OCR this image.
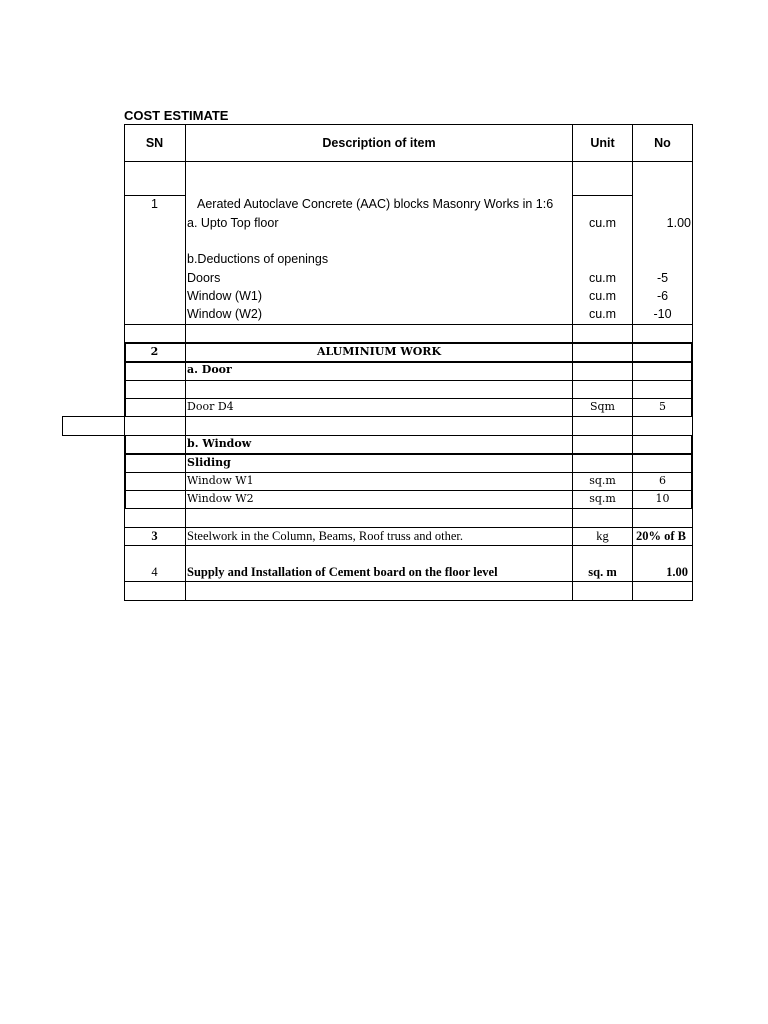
COST ESTIMATE
SN	Description of item	Unit	No
1	Aerated Autoclave Concrete (AAC) blocks Masonry Works in 1:6
a. Upto Top floor	cu.m	1.00
b.Deductions of openings
Doors	cu.m	-5
Window (W1)	cu.m	-6
Window (W2)	cu.m	-10
2	ALUMINIUM WORK
a. Door
Door D4	Sqm	5
b. Window
Sliding
Window W1	sq.m	6
Window W2	sq.m	10
3	Steelwork in the Column, Beams, Roof truss and other.	kg	20% of B
4	Supply and Installation of Cement board on the floor level	sq. m	1.00
